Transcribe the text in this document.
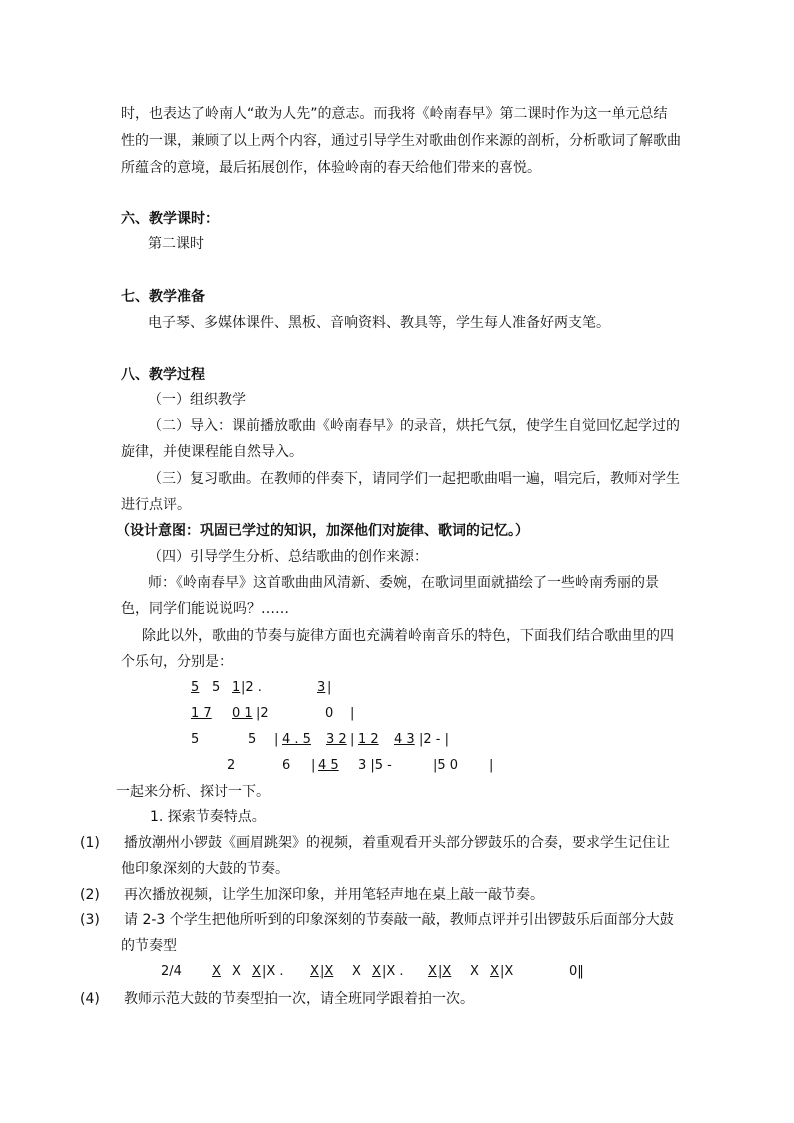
时，也表达了岭南人“敢为人先”的意志。而我将《岭南春早》第二课时作为这一单元总结
性的一课，兼顾了以上两个内容，通过引导学生对歌曲创作来源的剖析，分析歌词了解歌曲
所蕴含的意境，最后拓展创作，体验岭南的春天给他们带来的喜悦。
六、教学课时：
第二课时
七、教学准备
电子琴、多媒体课件、黑板、音响资料、教具等，学生每人准备好两支笔。
八、教学过程
（一）组织教学
（二）导入：课前播放歌曲《岭南春早》的录音，烘托气氛，使学生自觉回忆起学过的
旋律，并使课程能自然导入。
（三）复习歌曲。在教师的伴奏下，请同学们一起把歌曲唱一遍，唱完后，教师对学生
进行点评。
（设计意图：巩固已学过的知识，加深他们对旋律、歌词的记忆。）
（四）引导学生分析、总结歌曲的创作来源：
师：《岭南春早》这首歌曲曲风清新、委婉，在歌词里面就描绘了一些岭南秀丽的景
色，同学们能说说吗？……
除此以外，歌曲的节奏与旋律方面也充满着岭南音乐的特色，下面我们结合歌曲里的四
个乐句，分别是：
5 5 1 |2 .	3 |
1 7 0 1 |2	0 |
5	5 | 4 . 5 3 2 | 1 2 4 3 |2 - |
2	6 | 4 5 3 |5 -	|5 0 |
一起来分析、探讨一下。
1. 探索节奏特点。
(1) 播放潮州小锣鼓《画眉跳架》的视频，着重观看开头部分锣鼓乐的合奏，要求学生记住让
他印象深刻的大鼓的节奏。
(2) 再次播放视频，让学生加深印象，并用笔轻声地在桌上敲一敲节奏。
(3) 请 2-3 个学生把他所听到的印象深刻的节奏敲一敲，教师点评并引出锣鼓乐后面部分大鼓
的节奏型
2/4 X X X |X . X |X X X |X . X |X X X |X	0‖
(4) 教师示范大鼓的节奏型拍一次，请全班同学跟着拍一次。
